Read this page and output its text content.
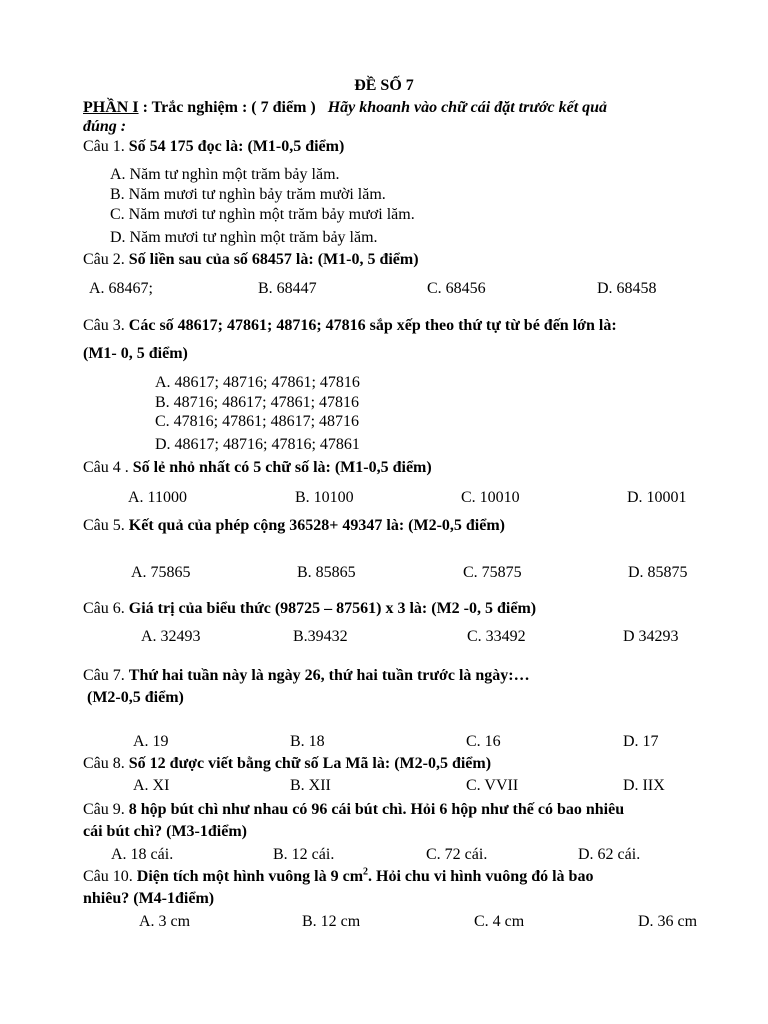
ĐỀ SỐ 7
PHẦN I : Trắc nghiệm : ( 7 điểm ) Hãy khoanh vào chữ cái đặt trước kết quả
đúng :
Câu 1. Số 54 175 đọc là: (M1-0,5 điểm)
A. Năm tư nghìn một trăm bảy lăm.
B. Năm mươi tư nghìn bảy trăm mười lăm.
C. Năm mươi tư nghìn một trăm bảy mươi lăm.
D. Năm mươi tư nghìn một trăm bảy lăm.
Câu 2. Số liền sau của số 68457 là: (M1-0, 5 điểm)
A. 68467;	B. 68447	C. 68456	D. 68458
Câu 3. Các số 48617; 47861; 48716; 47816 sắp xếp theo thứ tự từ bé đến lớn là:
(M1- 0, 5 điểm)
A. 48617; 48716; 47861; 47816
B. 48716; 48617; 47861; 47816
C. 47816; 47861; 48617; 48716
D. 48617; 48716; 47816; 47861
Câu 4 . Số lẻ nhỏ nhất có 5 chữ số là: (M1-0,5 điểm)
A. 11000	B. 10100	C. 10010	D. 10001
Câu 5. Kết quả của phép cộng 36528+ 49347 là: (M2-0,5 điểm)
A. 75865	B. 85865	C. 75875	D. 85875
Câu 6. Giá trị của biểu thức (98725 – 87561) x 3 là: (M2 -0, 5 điểm)
A. 32493	B.39432	C. 33492	D 34293
Câu 7. Thứ hai tuần này là ngày 26, thứ hai tuần trước là ngày:…
(M2-0,5 điểm)
A. 19	B. 18	C. 16	D. 17
Câu 8. Số 12 được viết bằng chữ số La Mã là: (M2-0,5 điểm)
A. XI	B. XII	C. VVII	D. IIX
Câu 9. 8 hộp bút chì như nhau có 96 cái bút chì. Hỏi 6 hộp như thế có bao nhiêu
cái bút chì? (M3-1điểm)
A. 18 cái.	B. 12 cái.	C. 72 cái.	D. 62 cái.
Câu 10. Diện tích một hình vuông là 9 $cm^2$. Hỏi chu vi hình vuông đó là bao
nhiêu? (M4-1điểm)
A. 3 cm	B. 12 cm	C. 4 cm	D. 36 cm
